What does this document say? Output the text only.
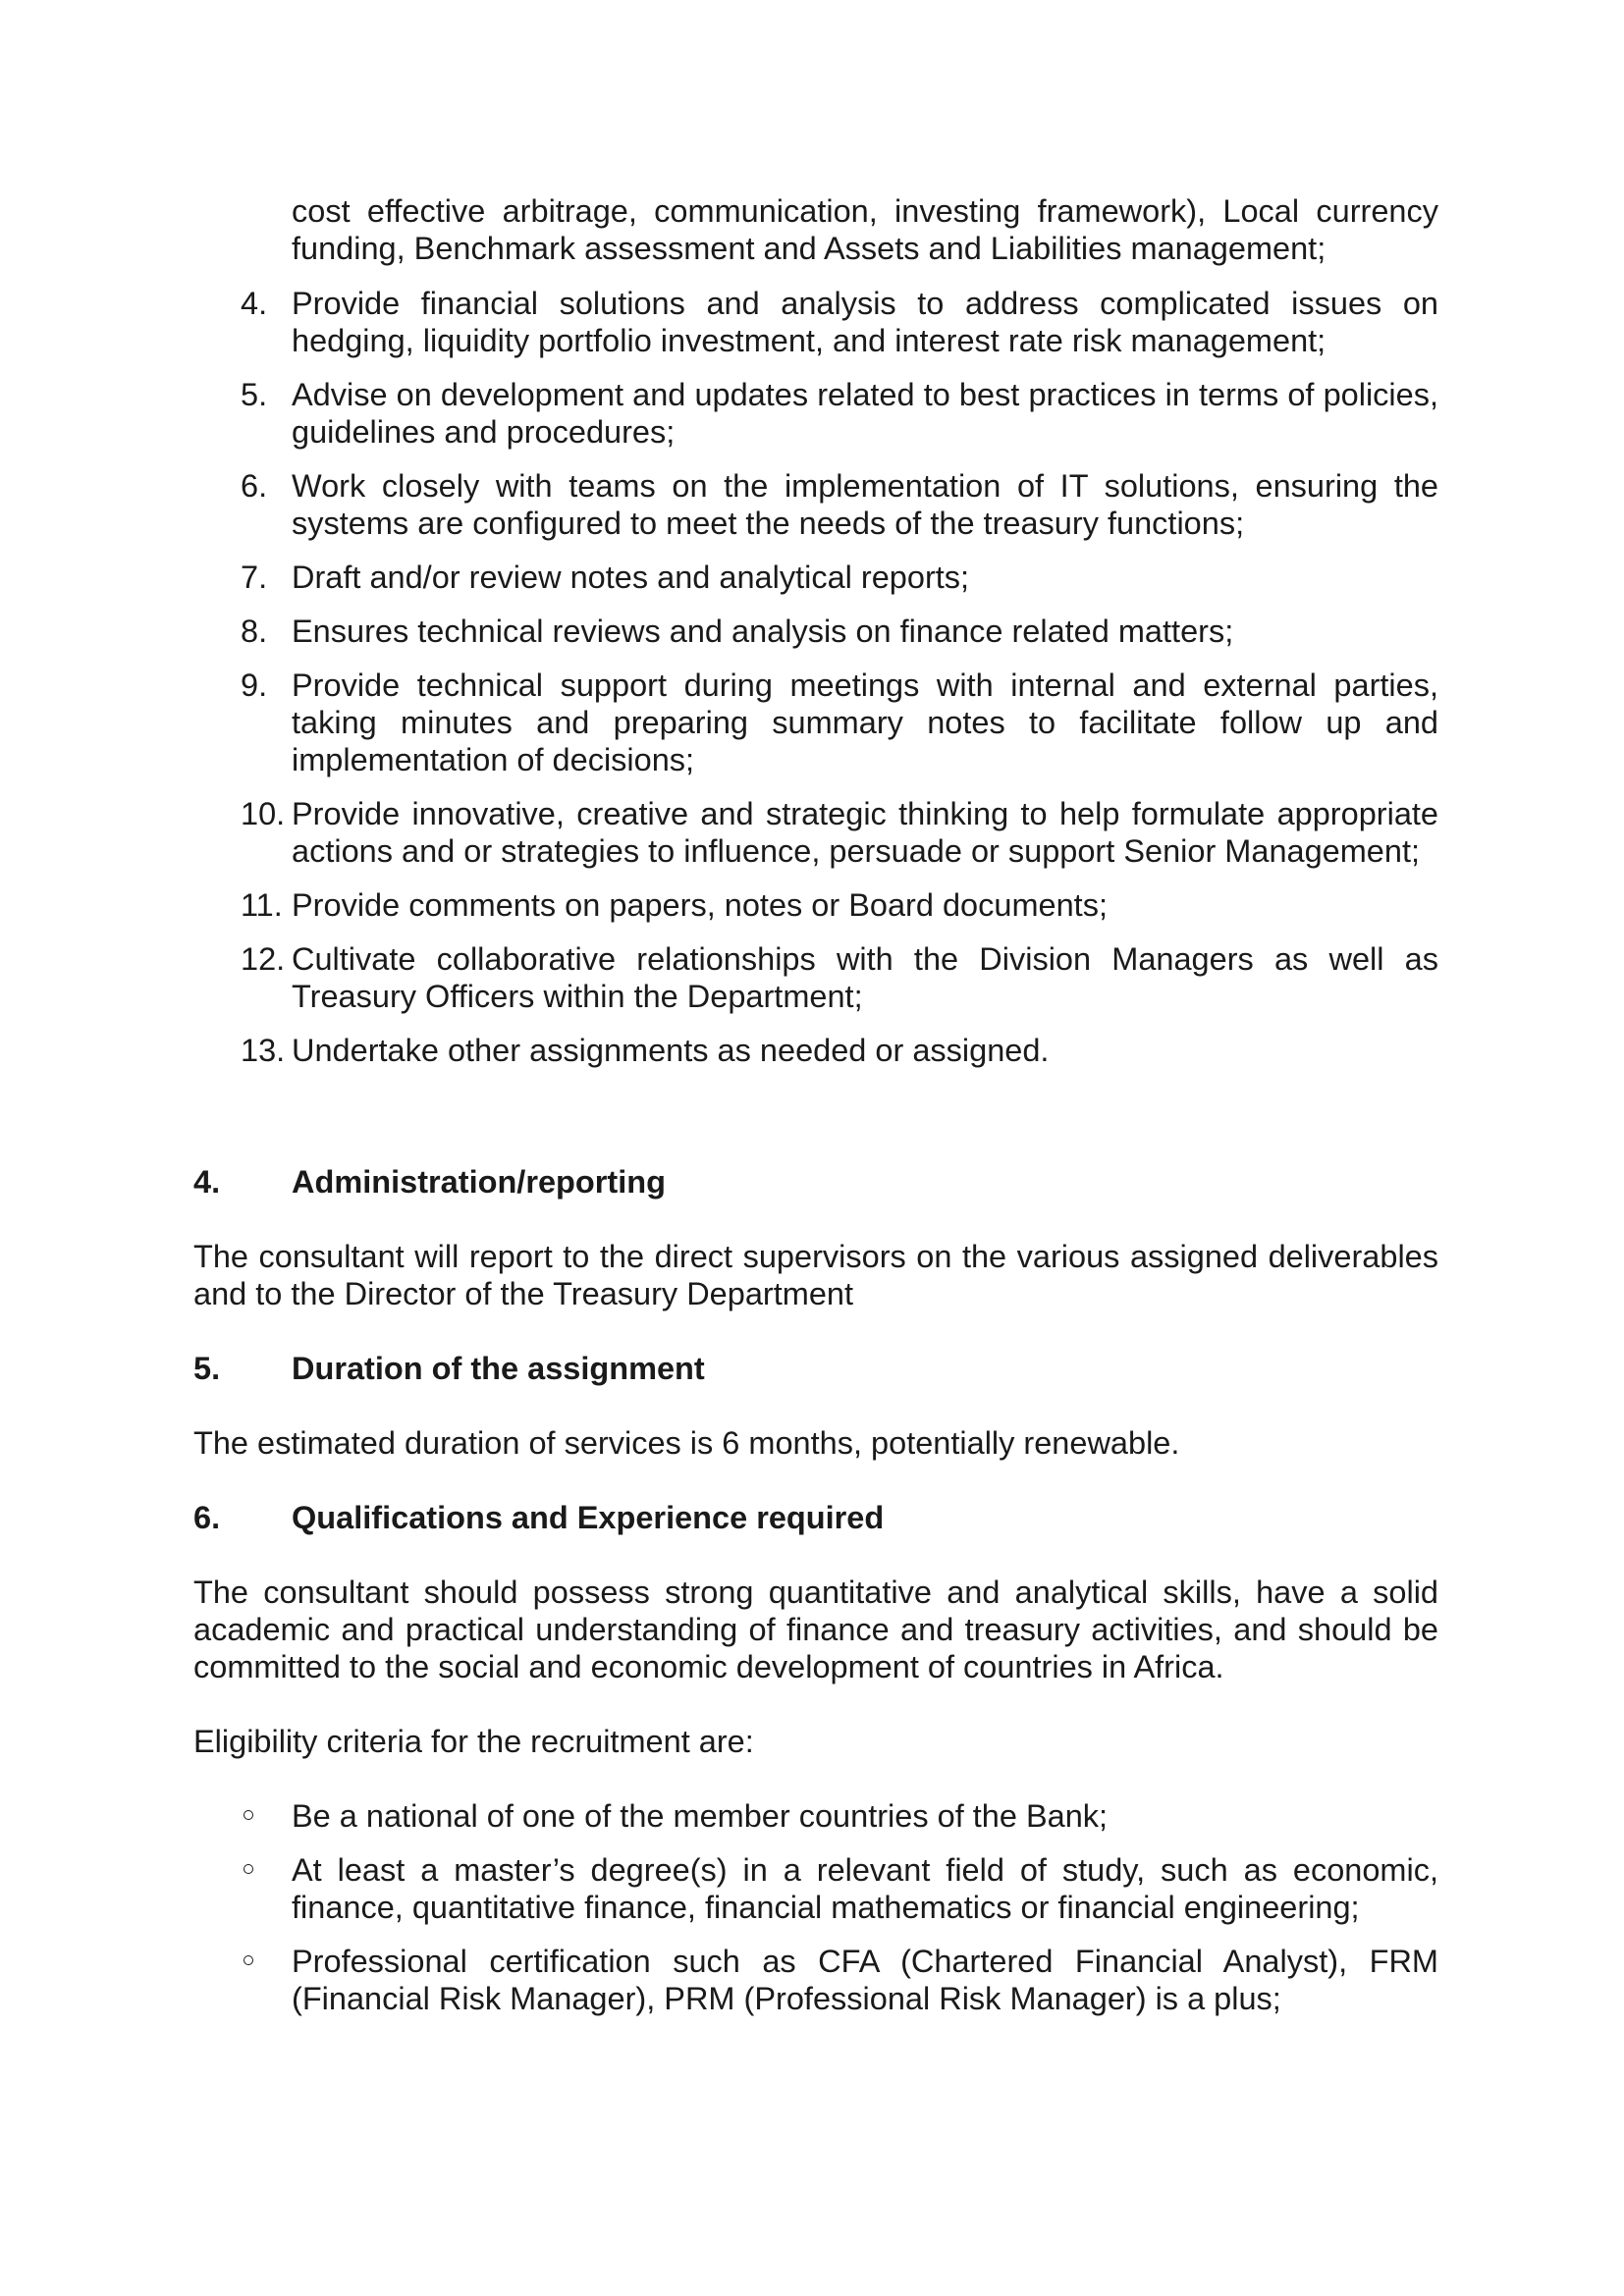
cost effective arbitrage, communication, investing framework), Local currency funding, Benchmark assessment and Assets and Liabilities management;
4. Provide financial solutions and analysis to address complicated issues on hedging, liquidity portfolio investment, and interest rate risk management;
5. Advise on development and updates related to best practices in terms of policies, guidelines and procedures;
6. Work closely with teams on the implementation of IT solutions, ensuring the systems are configured to meet the needs of the treasury functions;
7. Draft and/or review notes and analytical reports;
8. Ensures technical reviews and analysis on finance related matters;
9. Provide technical support during meetings with internal and external parties, taking minutes and preparing summary notes to facilitate follow up and implementation of decisions;
10. Provide innovative, creative and strategic thinking to help formulate appropriate actions and or strategies to influence, persuade or support Senior Management;
11. Provide comments on papers, notes or Board documents;
12. Cultivate collaborative relationships with the Division Managers as well as Treasury Officers within the Department;
13. Undertake other assignments as needed or assigned.
4. Administration/reporting

The consultant will report to the direct supervisors on the various assigned deliverables and to the Director of the Treasury Department

5. Duration of the assignment

The estimated duration of services is 6 months, potentially renewable.

6. Qualifications and Experience required

The consultant should possess strong quantitative and analytical skills, have a solid academic and practical understanding of finance and treasury activities, and should be committed to the social and economic development of countries in Africa.

Eligibility criteria for the recruitment are:

Be a national of one of the member countries of the Bank;
At least a master’s degree(s) in a relevant field of study, such as economic, finance, quantitative finance, financial mathematics or financial engineering;
Professional certification such as CFA (Chartered Financial Analyst), FRM (Financial Risk Manager), PRM (Professional Risk Manager) is a plus;
